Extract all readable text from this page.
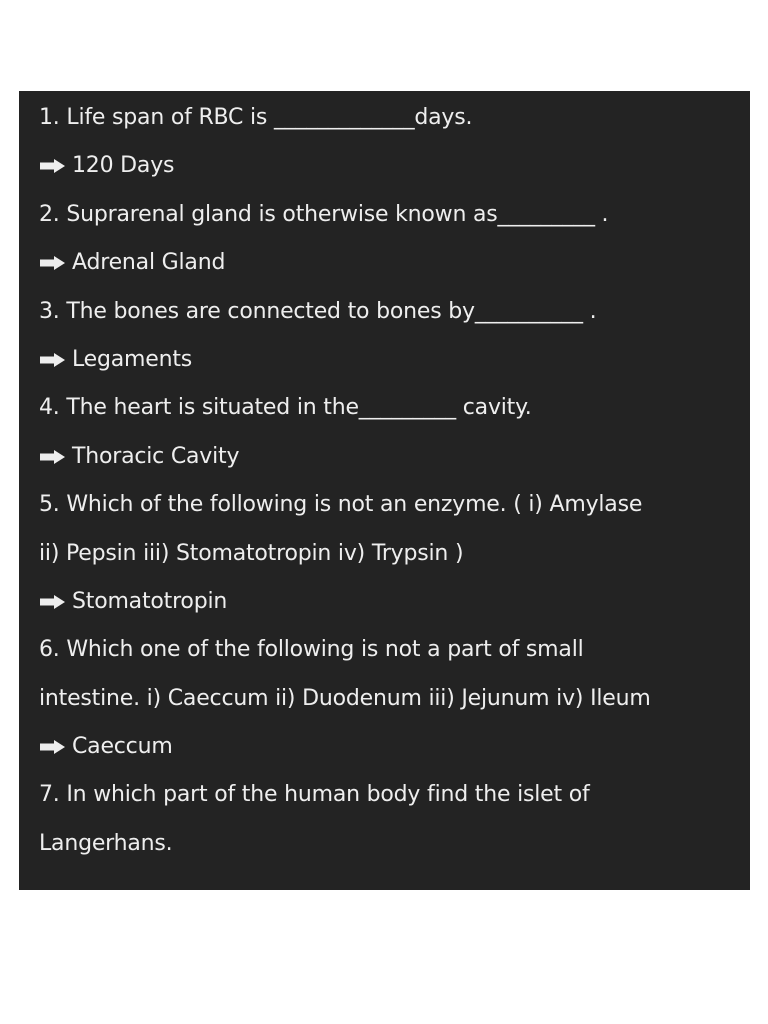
1. Life span of RBC is _____________days.
120 Days
2. Suprarenal gland is otherwise known as_________ .
Adrenal Gland
3. The bones are connected to bones by__________ .
Legaments
4. The heart is situated in the_________ cavity.
Thoracic Cavity
5. Which of the following is not an enzyme. ( i) Amylase
ii) Pepsin iii) Stomatotropin iv) Trypsin )
Stomatotropin
6. Which one of the following is not a part of small
intestine. i) Caeccum ii) Duodenum iii) Jejunum iv) Ileum
Caeccum
7. In which part of the human body find the islet of
Langerhans.
